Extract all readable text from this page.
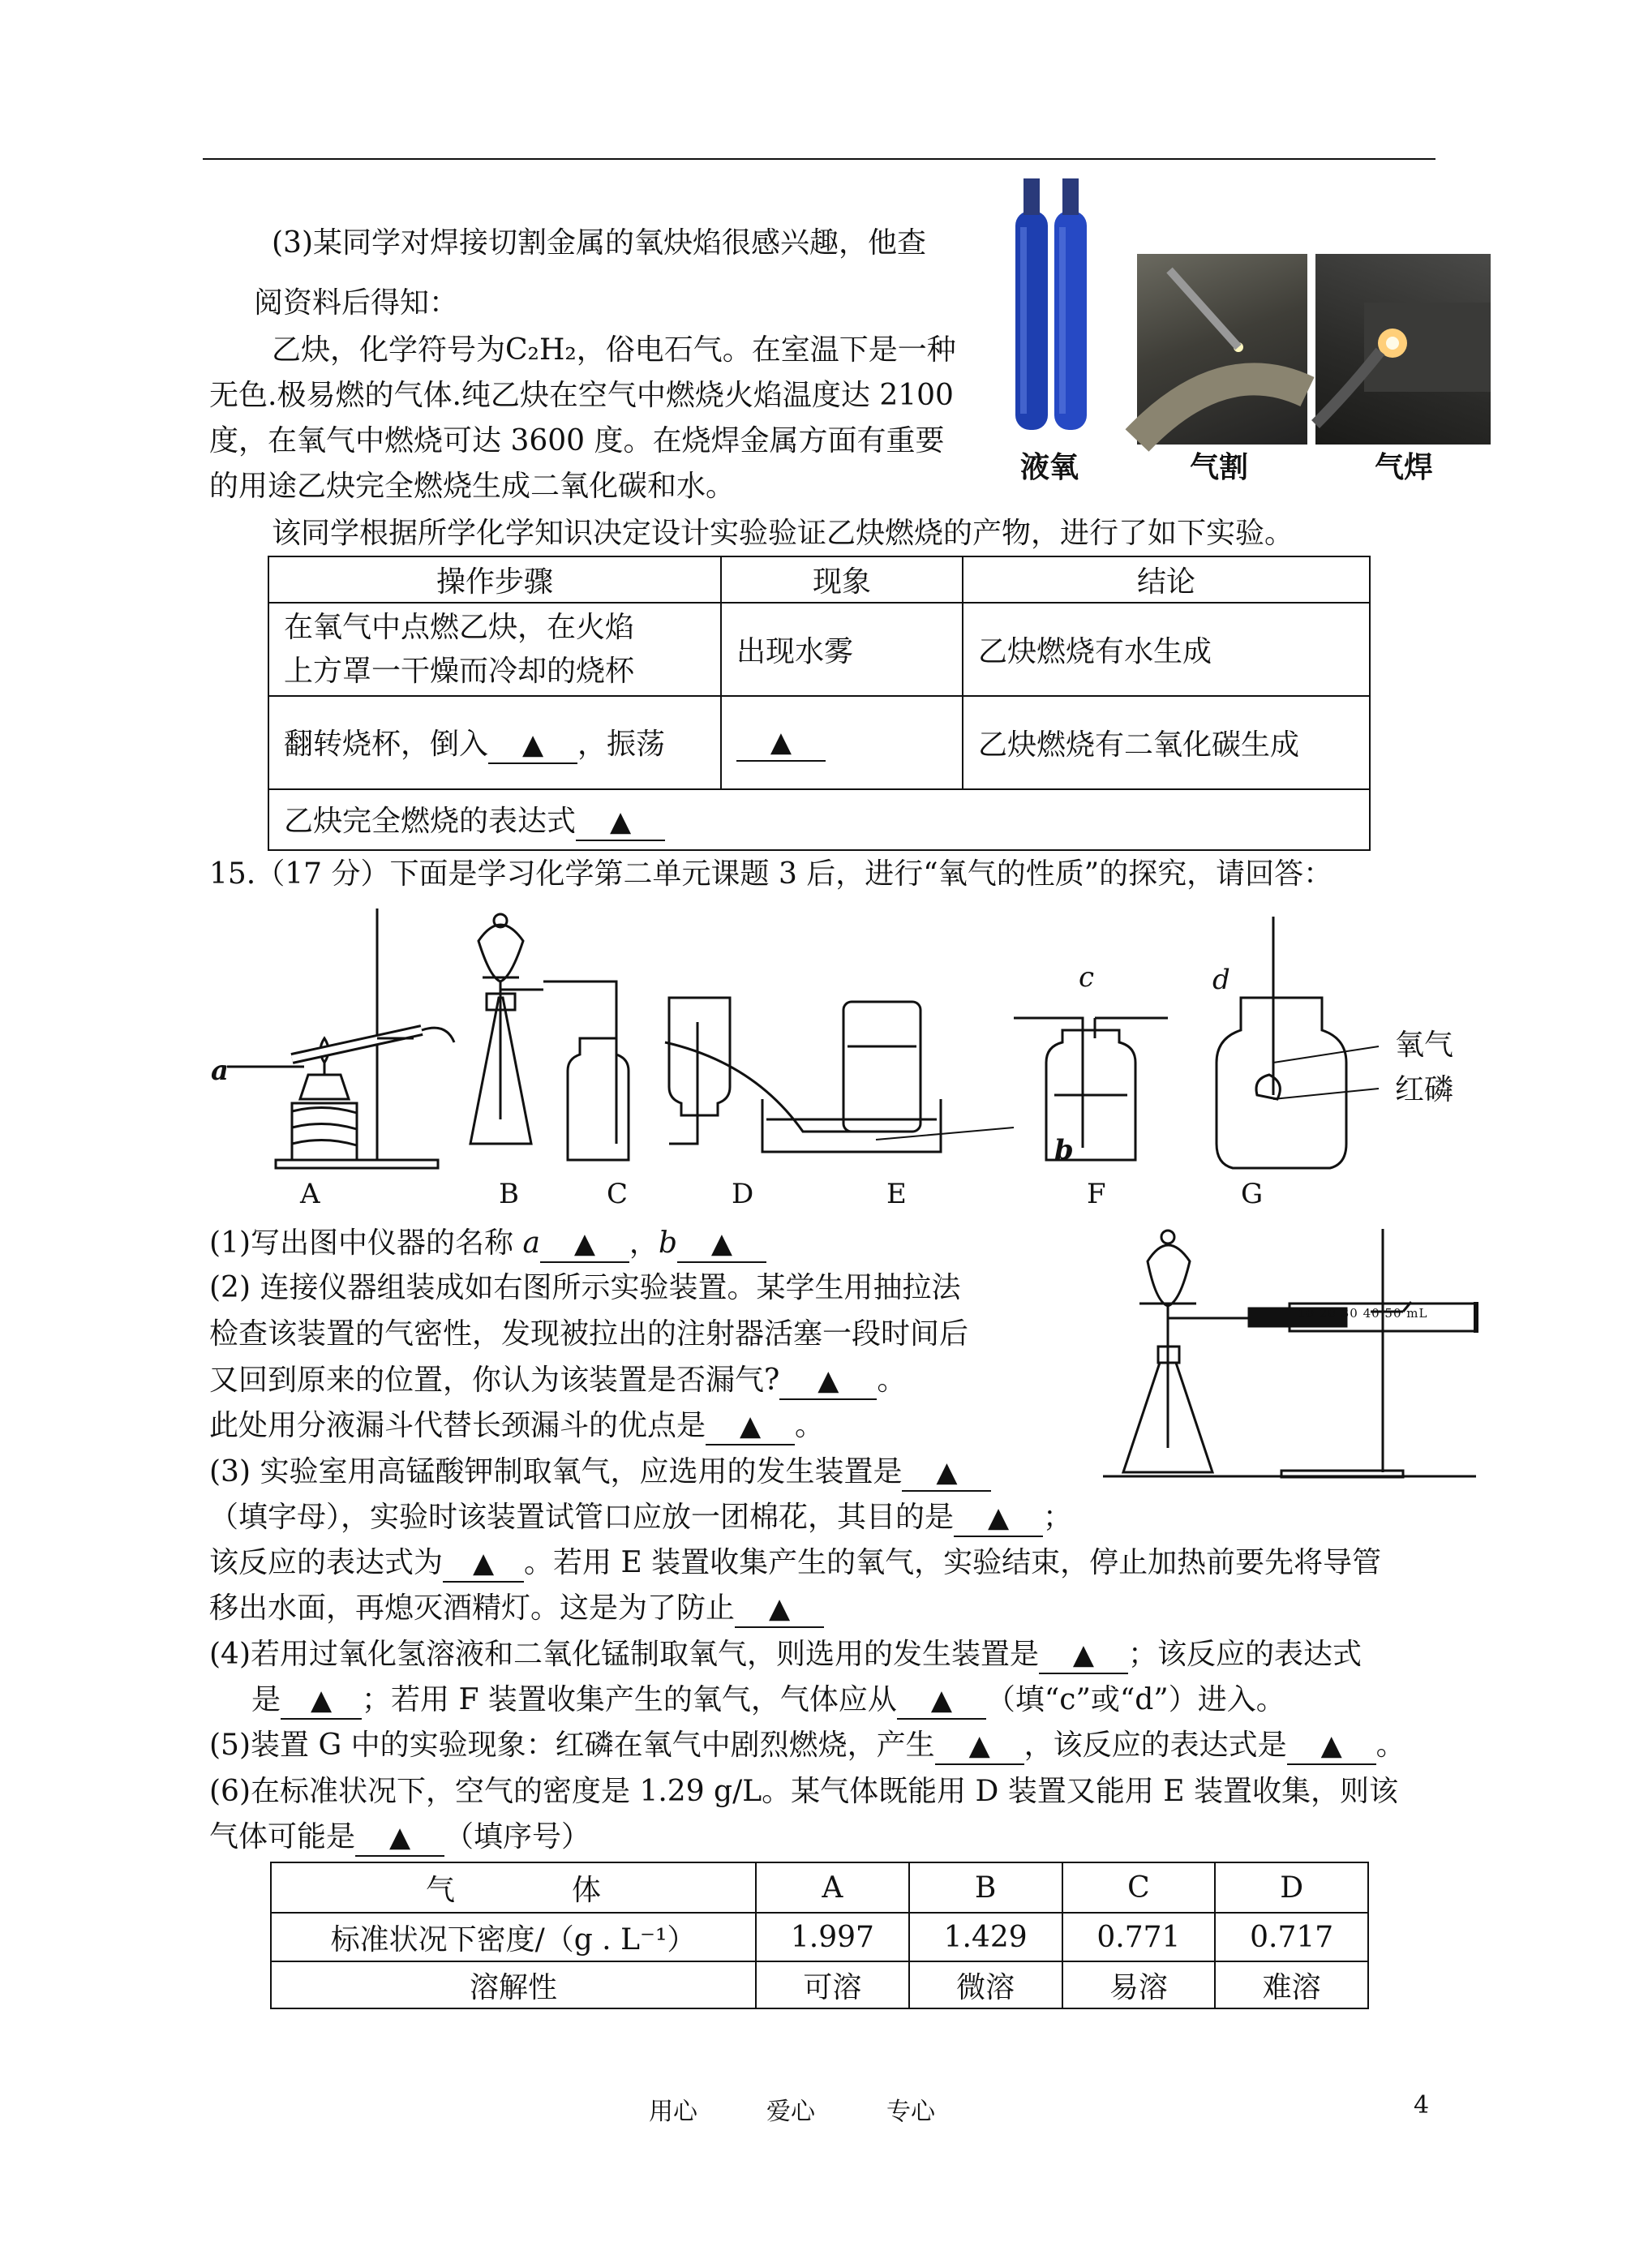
(3)某同学对焊接切割金属的氧炔焰很感兴趣，他查
阅资料后得知：
乙炔，化学符号为C₂H₂，俗电石气。在室温下是一种
无色.极易燃的气体.纯乙炔在空气中燃烧火焰温度达 2100
度，在氧气中燃烧可达 3600 度。在烧焊金属方面有重要
的用途乙炔完全燃烧生成二氧化碳和水。
该同学根据所学化学知识决定设计实验验证乙炔燃烧的产物，进行了如下实验。
液氧	气割	气焊
操作步骤	现象	结论
在氧气中点燃乙炔，在火焰
上方罩一干燥而冷却的烧杯	出现水雾	乙炔燃烧有水生成
翻转烧杯，倒入 ▲ ，振荡	▲	乙炔燃烧有二氧化碳生成
乙炔完全燃烧的表达式 ▲		
15.（17 分）下面是学习化学第二单元课题 3 后，进行“氧气的性质”的探究，请回答：
a
b
c	d
氧气
红磷
A	B	C	D	E	F	G
10 20 30 40 50 mL
(1)写出图中仪器的名称 a ▲ ，b ▲
(2) 连接仪器组装成如右图所示实验装置。某学生用抽拉法
检查该装置的气密性，发现被拉出的注射器活塞一段时间后
又回到原来的位置，你认为该装置是否漏气? ▲ 。
此处用分液漏斗代替长颈漏斗的优点是 ▲ 。
(3) 实验室用高锰酸钾制取氧气，应选用的发生装置是 ▲
（填字母），实验时该装置试管口应放一团棉花，其目的是 ▲ ；
该反应的表达式为 ▲ 。若用 E 装置收集产生的氧气，实验结束，停止加热前要先将导管
移出水面，再熄灭酒精灯。这是为了防止 ▲
(4)若用过氧化氢溶液和二氧化锰制取氧气，则选用的发生装置是 ▲ ；该反应的表达式
是 ▲ ；若用 F 装置收集产生的氧气，气体应从 ▲ （填“c”或“d”）进入。
(5)装置 G 中的实验现象：红磷在氧气中剧烈燃烧，产生 ▲ ，该反应的表达式是 ▲ 。
(6)在标准状况下，空气的密度是 1.29 g/L。某气体既能用 D 装置又能用 E 装置收集，则该
气体可能是 ▲ （填序号）
气　　　　体	A	B	C	D
标准状况下密度/（g . L⁻¹）	1.997	1.429	0.771	0.717
溶解性	可溶	微溶	易溶	难溶
用心	爱心	专心	4
